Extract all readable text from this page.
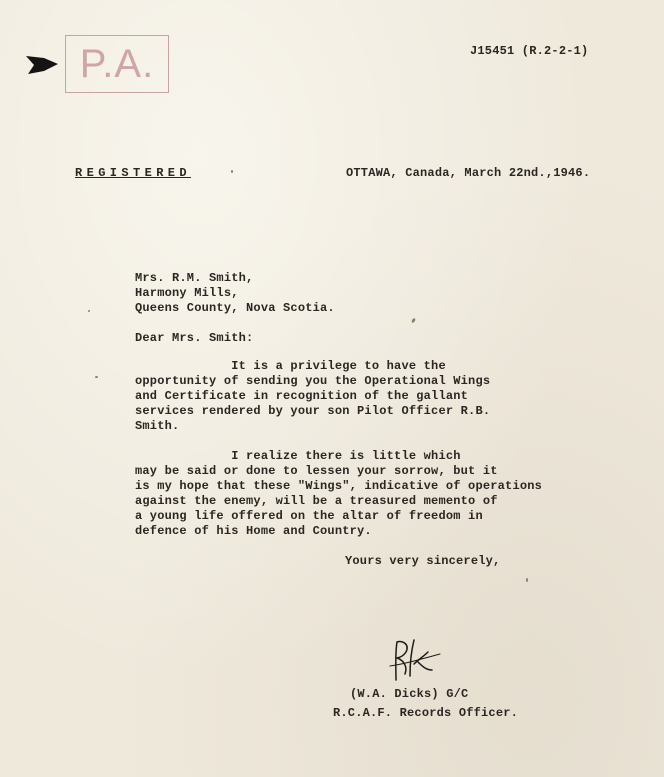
P.A.	J15451 (R.2-2-1)
REGISTERED	OTTAWA, Canada, March 22nd.,1946.
Mrs. R.M. Smith,
Harmony Mills,
Queens County, Nova Scotia.
Dear Mrs. Smith:
It is a privilege to have the
opportunity of sending you the Operational Wings
and Certificate in recognition of the gallant
services rendered by your son Pilot Officer R.B.
Smith.
I realize there is little which
may be said or done to lessen your sorrow, but it
is my hope that these "Wings", indicative of operations
against the enemy, will be a treasured memento of
a young life offered on the altar of freedom in
defence of his Home and Country.
Yours very sincerely,
(W.A. Dicks) G/C
R.C.A.F. Records Officer.
